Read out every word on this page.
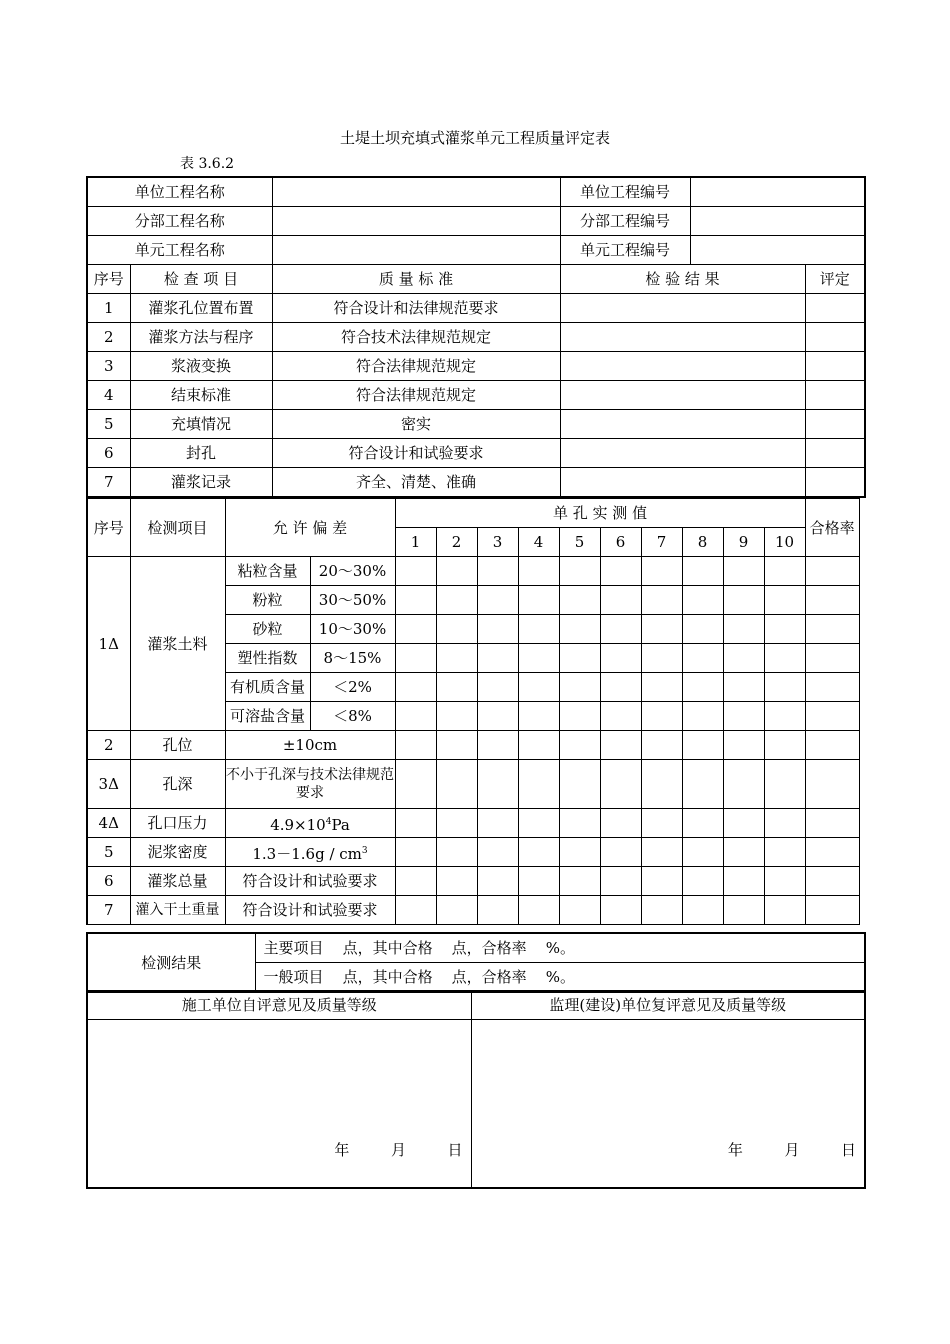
土堤土坝充填式灌浆单元工程质量评定表
表 3.6.2
单位工程名称			单位工程编号		
分部工程名称			分部工程编号		
单元工程名称			单元工程编号		
序号	检 查 项 目	质 量 标 准	检 验 结 果		评定
1	灌浆孔位置布置	符合设计和法律规范要求			
2	灌浆方法与程序	符合技术法律规范规定			
3	浆液变换	符合法律规范规定			
4	结束标准	符合法律规范规定			
5	充填情况	密实			
6	封孔	符合设计和试验要求			
7	灌浆记录	齐全、清楚、准确			
序号	检测项目	允 许 偏 差		单 孔 实 测 值										合格率
				1	2	3	4	5	6	7	8	9	10	
1Δ	灌浆土料	粘粒含量	20～30%											
		粉粒	30～50%											
		砂粒	10～30%											
		塑性指数	8～15%											
		有机质含量	＜2%											
		可溶盐含量	＜8%											
2	孔位	±10cm												
3Δ	孔深	不小于孔深与技术法律规范要求												
4Δ	孔口压力	$4.9\times 10^4Pa$												
5	泥浆密度	$1.3-1.6g / cm^3$											
6	灌浆总量	符合设计和试验要求												
7	灌入干土重量	符合设计和试验要求												
检测结果	主要项目    点，其中合格    点，合格率    %。
一般项目    点，其中合格    点，合格率    %。
施工单位自评意见及质量等级	监理(建设)单位复评意见及质量等级
年  月  日	年  月  日
